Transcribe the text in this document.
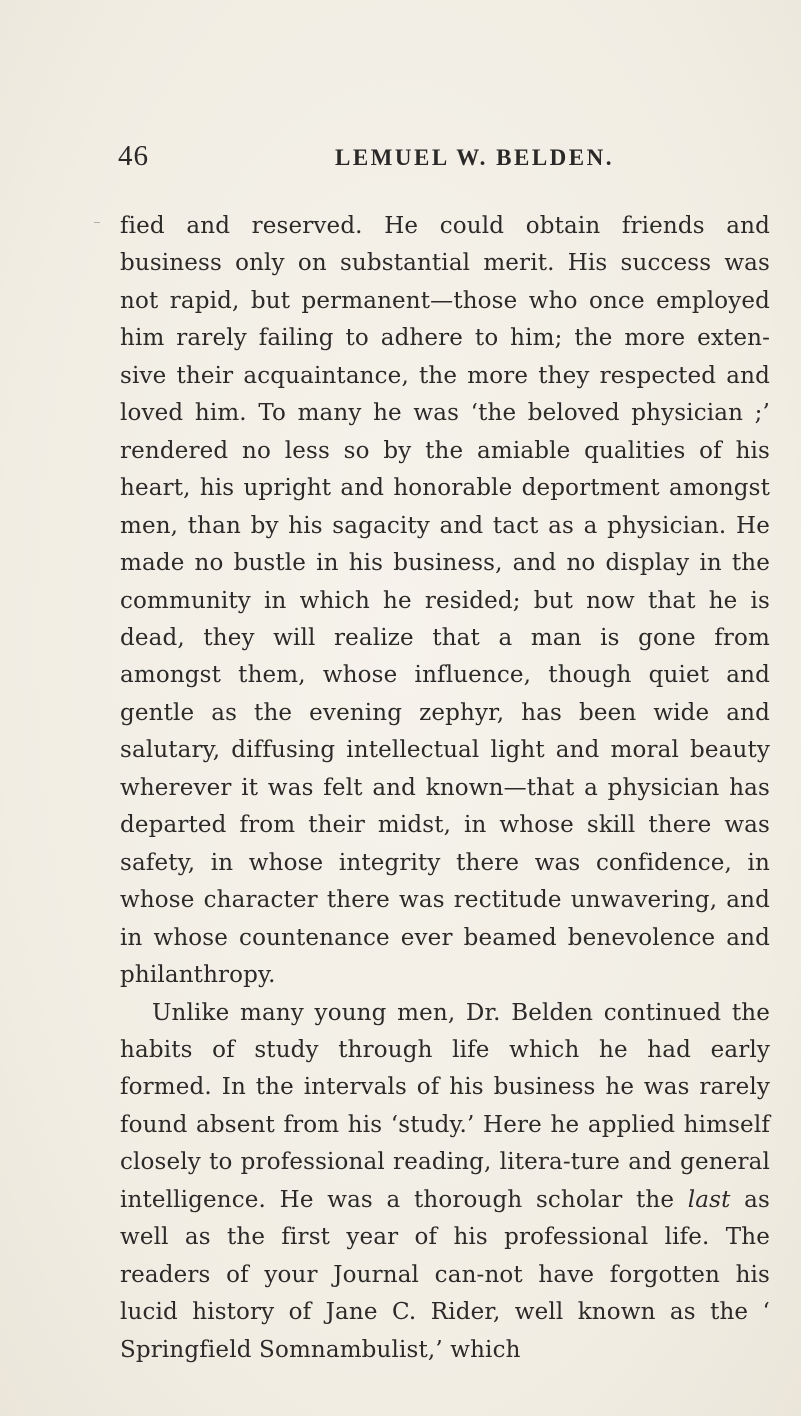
46	LEMUEL W. BELDEN.

fied and reserved. He could obtain friends and business only on substantial merit. His success was not rapid, but permanent—those who once employed him rarely failing to adhere to him; the more exten-sive their acquaintance, the more they respected and loved him. To many he was ‘the beloved physician ;’ rendered no less so by the amiable qualities of his heart, his upright and honorable deportment amongst men, than by his sagacity and tact as a physician. He made no bustle in his business, and no display in the community in which he resided; but now that he is dead, they will realize that a man is gone from amongst them, whose influence, though quiet and gentle as the evening zephyr, has been wide and salutary, diffusing intellectual light and moral beauty wherever it was felt and known—that a physician has departed from their midst, in whose skill there was safety, in whose integrity there was confidence, in whose character there was rectitude unwavering, and in whose countenance ever beamed benevolence and philanthropy.

Unlike many young men, Dr. Belden continued the habits of study through life which he had early formed. In the intervals of his business he was rarely found absent from his ‘study.’ Here he applied himself closely to professional reading, litera-ture and general intelligence. He was a thorough scholar the last as well as the first year of his professional life. The readers of your Journal can-not have forgotten his lucid history of Jane C. Rider, well known as the ‘ Springfield Somnambulist,’ which
